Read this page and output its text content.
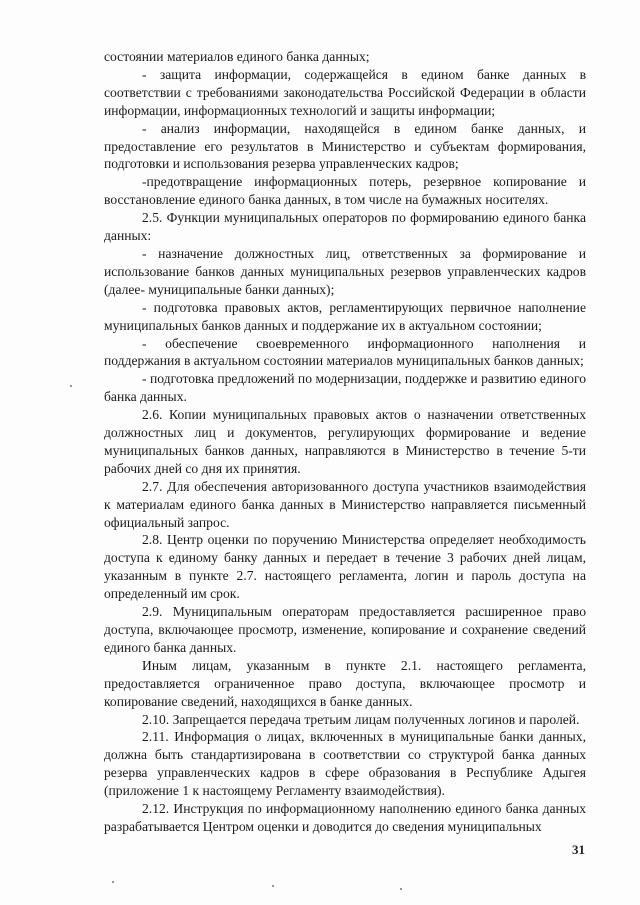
состоянии материалов единого банка данных;

- защита информации, содержащейся в едином банке данных в соответствии с требованиями законодательства Российской Федерации в области информации, информационных технологий и защиты информации;

- анализ информации, находящейся в едином банке данных, и предоставление его результатов в Министерство и субъектам формирования, подготовки и использования резерва управленческих кадров;

-предотвращение информационных потерь, резервное копирование и восстановление единого банка данных, в том числе на бумажных носителях.

2.5. Функции муниципальных операторов по формированию единого банка данных:

- назначение должностных лиц, ответственных за формирование и использование банков данных муниципальных резервов управленческих кадров (далее- муниципальные банки данных);

- подготовка правовых актов, регламентирующих первичное наполнение муниципальных банков данных и поддержание их в актуальном состоянии;

- обеспечение своевременного информационного наполнения и поддержания в актуальном состоянии материалов муниципальных банков данных;

- подготовка предложений по модернизации, поддержке и развитию единого банка данных.

2.6. Копии муниципальных правовых актов о назначении ответственных должностных лиц и документов, регулирующих формирование и ведение муниципальных банков данных, направляются в Министерство в течение 5-ти рабочих дней со дня их принятия.

2.7. Для обеспечения авторизованного доступа участников взаимодействия к материалам единого банка данных в Министерство направляется письменный официальный запрос.

2.8. Центр оценки по поручению Министерства определяет необходимость доступа к единому банку данных и передает в течение 3 рабочих дней лицам, указанным в пункте 2.7. настоящего регламента, логин и пароль доступа на определенный им срок.

2.9. Муниципальным операторам предоставляется расширенное право доступа, включающее просмотр, изменение, копирование и сохранение сведений единого банка данных.

Иным лицам, указанным в пункте 2.1. настоящего регламента, предоставляется ограниченное право доступа, включающее просмотр и копирование сведений, находящихся в банке данных.

2.10. Запрещается передача третьим лицам полученных логинов и паролей.

2.11. Информация о лицах, включенных в муниципальные банки данных, должна быть стандартизирована в соответствии со структурой банка данных резерва управленческих кадров в сфере образования в Республике Адыгея (приложение 1 к настоящему Регламенту взаимодействия).

2.12. Инструкция по информационному наполнению единого банка данных разрабатывается Центром оценки и доводится до сведения муниципальных

31
